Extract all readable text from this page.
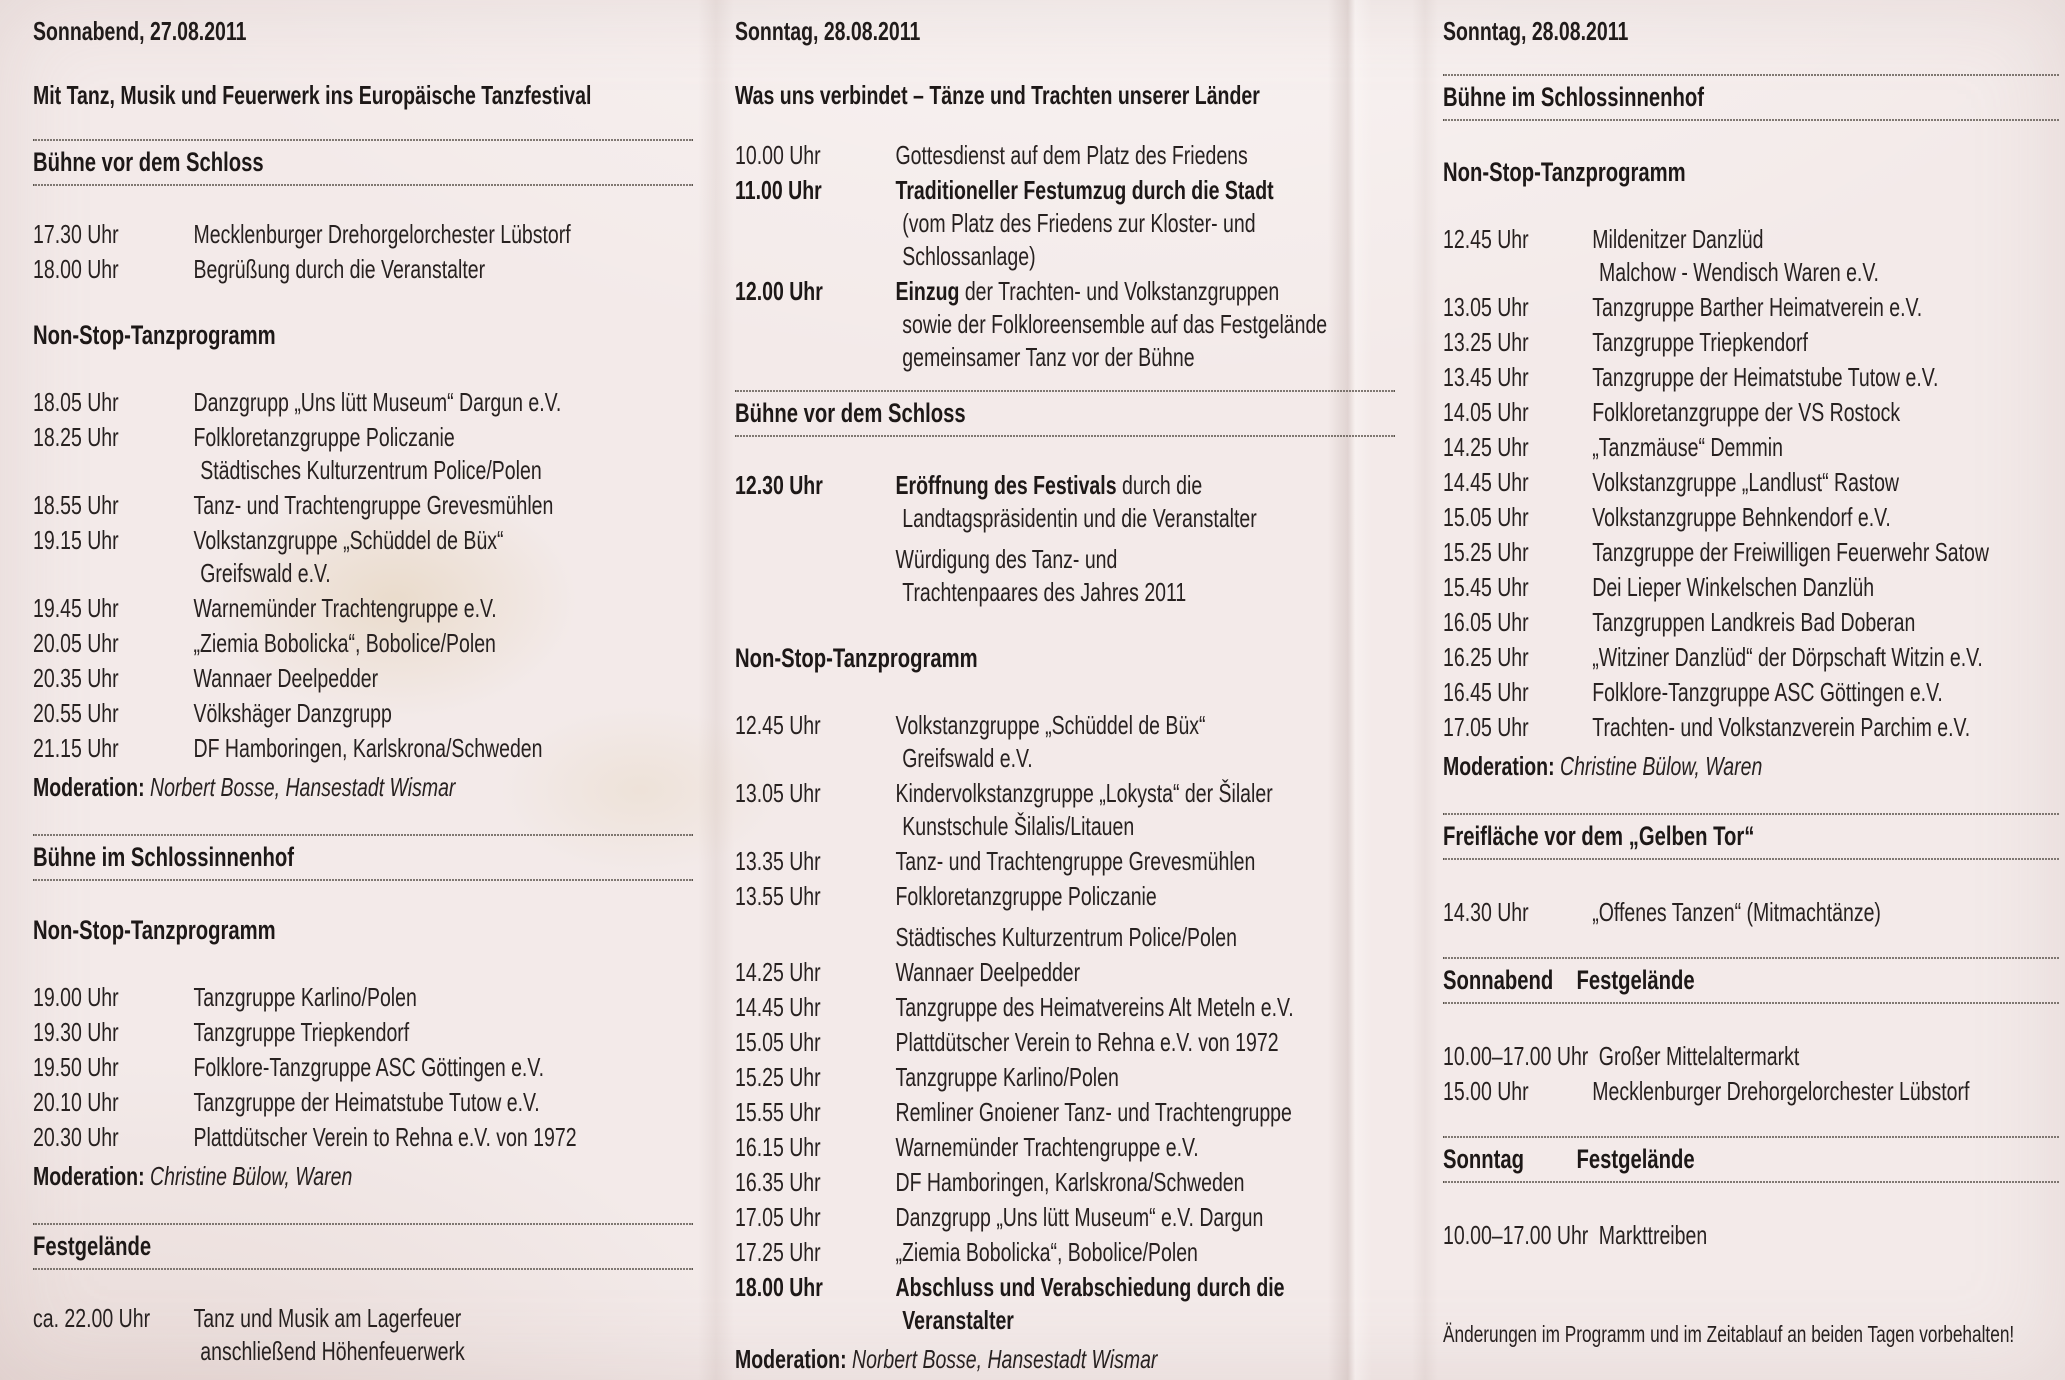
Sonnabend, 27.08.2011
Mit Tanz, Musik und Feuerwerk ins Europäische Tanzfestival
Bühne vor dem Schloss
17.30 Uhr	Mecklenburger Drehorgelorchester Lübstorf
18.00 Uhr	Begrüßung durch die Veranstalter
Non-Stop-Tanzprogramm
18.05 Uhr	Danzgrupp „Uns lütt Museum“ Dargun e.V.
18.25 Uhr	Folkloretanzgruppe Policzanie
Städtisches Kulturzentrum Police/Polen
18.55 Uhr	Tanz- und Trachtengruppe Grevesmühlen
19.15 Uhr	Volkstanzgruppe „Schüddel de Büx“
Greifswald e.V.
19.45 Uhr	Warnemünder Trachtengruppe e.V.
20.05 Uhr	„Ziemia Bobolicka“, Bobolice/Polen
20.35 Uhr	Wannaer Deelpedder
20.55 Uhr	Völkshäger Danzgrupp
21.15 Uhr	DF Hamboringen, Karlskrona/Schweden
Moderation: Norbert Bosse, Hansestadt Wismar
Bühne im Schlossinnenhof
Non-Stop-Tanzprogramm
19.00 Uhr	Tanzgruppe Karlino/Polen
19.30 Uhr	Tanzgruppe Triepkendorf
19.50 Uhr	Folklore-Tanzgruppe ASC Göttingen e.V.
20.10 Uhr	Tanzgruppe der Heimatstube Tutow e.V.
20.30 Uhr	Plattdütscher Verein to Rehna e.V. von 1972
Moderation: Christine Bülow, Waren
Festgelände
ca. 22.00 Uhr	Tanz und Musik am Lagerfeuer
anschließend Höhenfeuerwerk
Sonntag, 28.08.2011
Was uns verbindet – Tänze und Trachten unserer Länder
10.00 Uhr	Gottesdienst auf dem Platz des Friedens
11.00 Uhr	Traditioneller Festumzug durch die Stadt
(vom Platz des Friedens zur Kloster- und
Schlossanlage)
12.00 Uhr	Einzug der Trachten- und Volkstanzgruppen
sowie der Folkloreensemble auf das Festgelände
gemeinsamer Tanz vor der Bühne
Bühne vor dem Schloss
12.30 Uhr	Eröffnung des Festivals durch die
Landtagspräsidentin und die Veranstalter
Würdigung des Tanz- und
Trachtenpaares des Jahres 2011
Non-Stop-Tanzprogramm
12.45 Uhr	Volkstanzgruppe „Schüddel de Büx“
Greifswald e.V.
13.05 Uhr	Kindervolkstanzgruppe „Lokysta“ der Šilaler
Kunstschule Šilalis/Litauen
13.35 Uhr	Tanz- und Trachtengruppe Grevesmühlen
13.55 Uhr	Folkloretanzgruppe Policzanie
Städtisches Kulturzentrum Police/Polen
14.25 Uhr	Wannaer Deelpedder
14.45 Uhr	Tanzgruppe des Heimatvereins Alt Meteln e.V.
15.05 Uhr	Plattdütscher Verein to Rehna e.V. von 1972
15.25 Uhr	Tanzgruppe Karlino/Polen
15.55 Uhr	Remliner Gnoiener Tanz- und Trachtengruppe
16.15 Uhr	Warnemünder Trachtengruppe e.V.
16.35 Uhr	DF Hamboringen, Karlskrona/Schweden
17.05 Uhr	Danzgrupp „Uns lütt Museum“ e.V. Dargun
17.25 Uhr	„Ziemia Bobolicka“, Bobolice/Polen
18.00 Uhr	Abschluss und Verabschiedung durch die
Veranstalter
Moderation: Norbert Bosse, Hansestadt Wismar
Sonntag, 28.08.2011
Bühne im Schlossinnenhof
Non-Stop-Tanzprogramm
12.45 Uhr	Mildenitzer Danzlüd
Malchow - Wendisch Waren e.V.
13.05 Uhr	Tanzgruppe Barther Heimatverein e.V.
13.25 Uhr	Tanzgruppe Triepkendorf
13.45 Uhr	Tanzgruppe der Heimatstube Tutow e.V.
14.05 Uhr	Folkloretanzgruppe der VS Rostock
14.25 Uhr	„Tanzmäuse“ Demmin
14.45 Uhr	Volkstanzgruppe „Landlust“ Rastow
15.05 Uhr	Volkstanzgruppe Behnkendorf e.V.
15.25 Uhr	Tanzgruppe der Freiwilligen Feuerwehr Satow
15.45 Uhr	Dei Lieper Winkelschen Danzlüh
16.05 Uhr	Tanzgruppen Landkreis Bad Doberan
16.25 Uhr	„Witziner Danzlüd“ der Dörpschaft Witzin e.V.
16.45 Uhr	Folklore-Tanzgruppe ASC Göttingen e.V.
17.05 Uhr	Trachten- und Volkstanzverein Parchim e.V.
Moderation: Christine Bülow, Waren
Freifläche vor dem „Gelben Tor“
14.30 Uhr	„Offenes Tanzen“ (Mitmachtänze)
Sonnabend Festgelände
10.00–17.00 Uhr Großer Mittelaltermarkt
15.00 Uhr	Mecklenburger Drehorgelorchester Lübstorf
Sonntag Festgelände
10.00–17.00 Uhr Markttreiben
Änderungen im Programm und im Zeitablauf an beiden Tagen vorbehalten!
